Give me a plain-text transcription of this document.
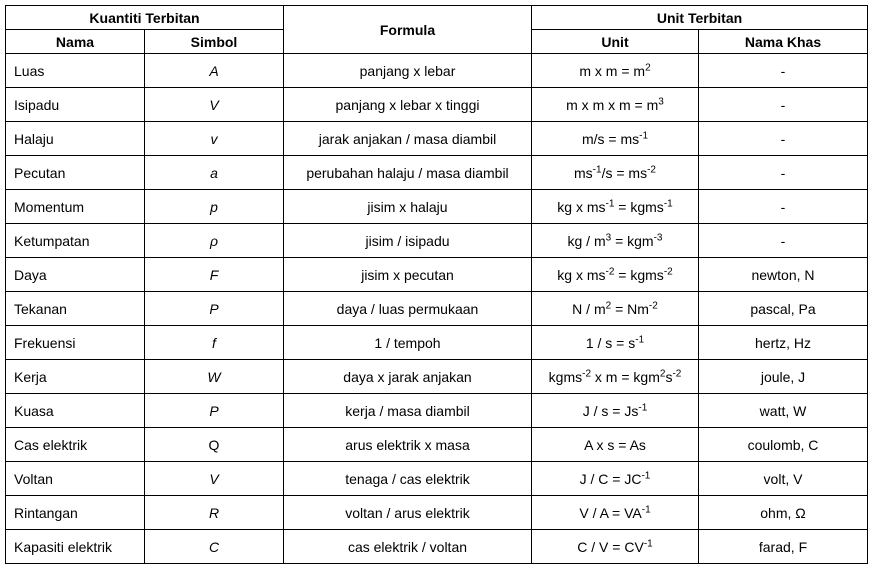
Kuantiti Terbitan		Formula	Unit Terbitan	
Nama	Simbol		Unit	Nama Khas
Luas	A	panjang x lebar	m x $m = m^2$	-
Isipadu	V	panjang x lebar x tinggi	m x m x $m = m^3$	-
Halaju	v	jarak anjakan / masa diambil	$m/s = ms^{-1}$	-
Pecutan	a	perubahan halaju / masa diambil	$ms^{-1}/s = ms^{-2}$	-
Momentum	p	jisim x halaju	kg x $ms^{-1}$ = kgms$^{-1}$	-
Ketumpatan	ρ	jisim / isipadu	kg / $m^3 = kgm^{-3}$	-
Daya	F	jisim x pecutan	kg x $ms^{-2}$ = kgms$^{-2}$	newton, N
Tekanan	P	daya / luas permukaan	$N / m^2 = Nm^{-2}$	pascal, Pa
Frekuensi	f	1 / tempoh	$1 / s = s^{-1}$	hertz, Hz
Kerja	W	daya x jarak anjakan	kgms$^{-2}$ x $m = kgm^2s^{-2}$	joule, J
Kuasa	P	kerja / masa diambil	$J / s = Js^{-1}$	watt, W
Cas elektrik	Q	arus elektrik x masa	A x s = As	coulomb, C
Voltan	V	tenaga / cas elektrik	$J / C = JC^{-1}$	volt, V
Rintangan	R	voltan / arus elektrik	$V / A = VA^{-1}$	ohm, Ω
Kapasiti elektrik	C	cas elektrik / voltan	$C / V = CV^{-1}$	farad, F
